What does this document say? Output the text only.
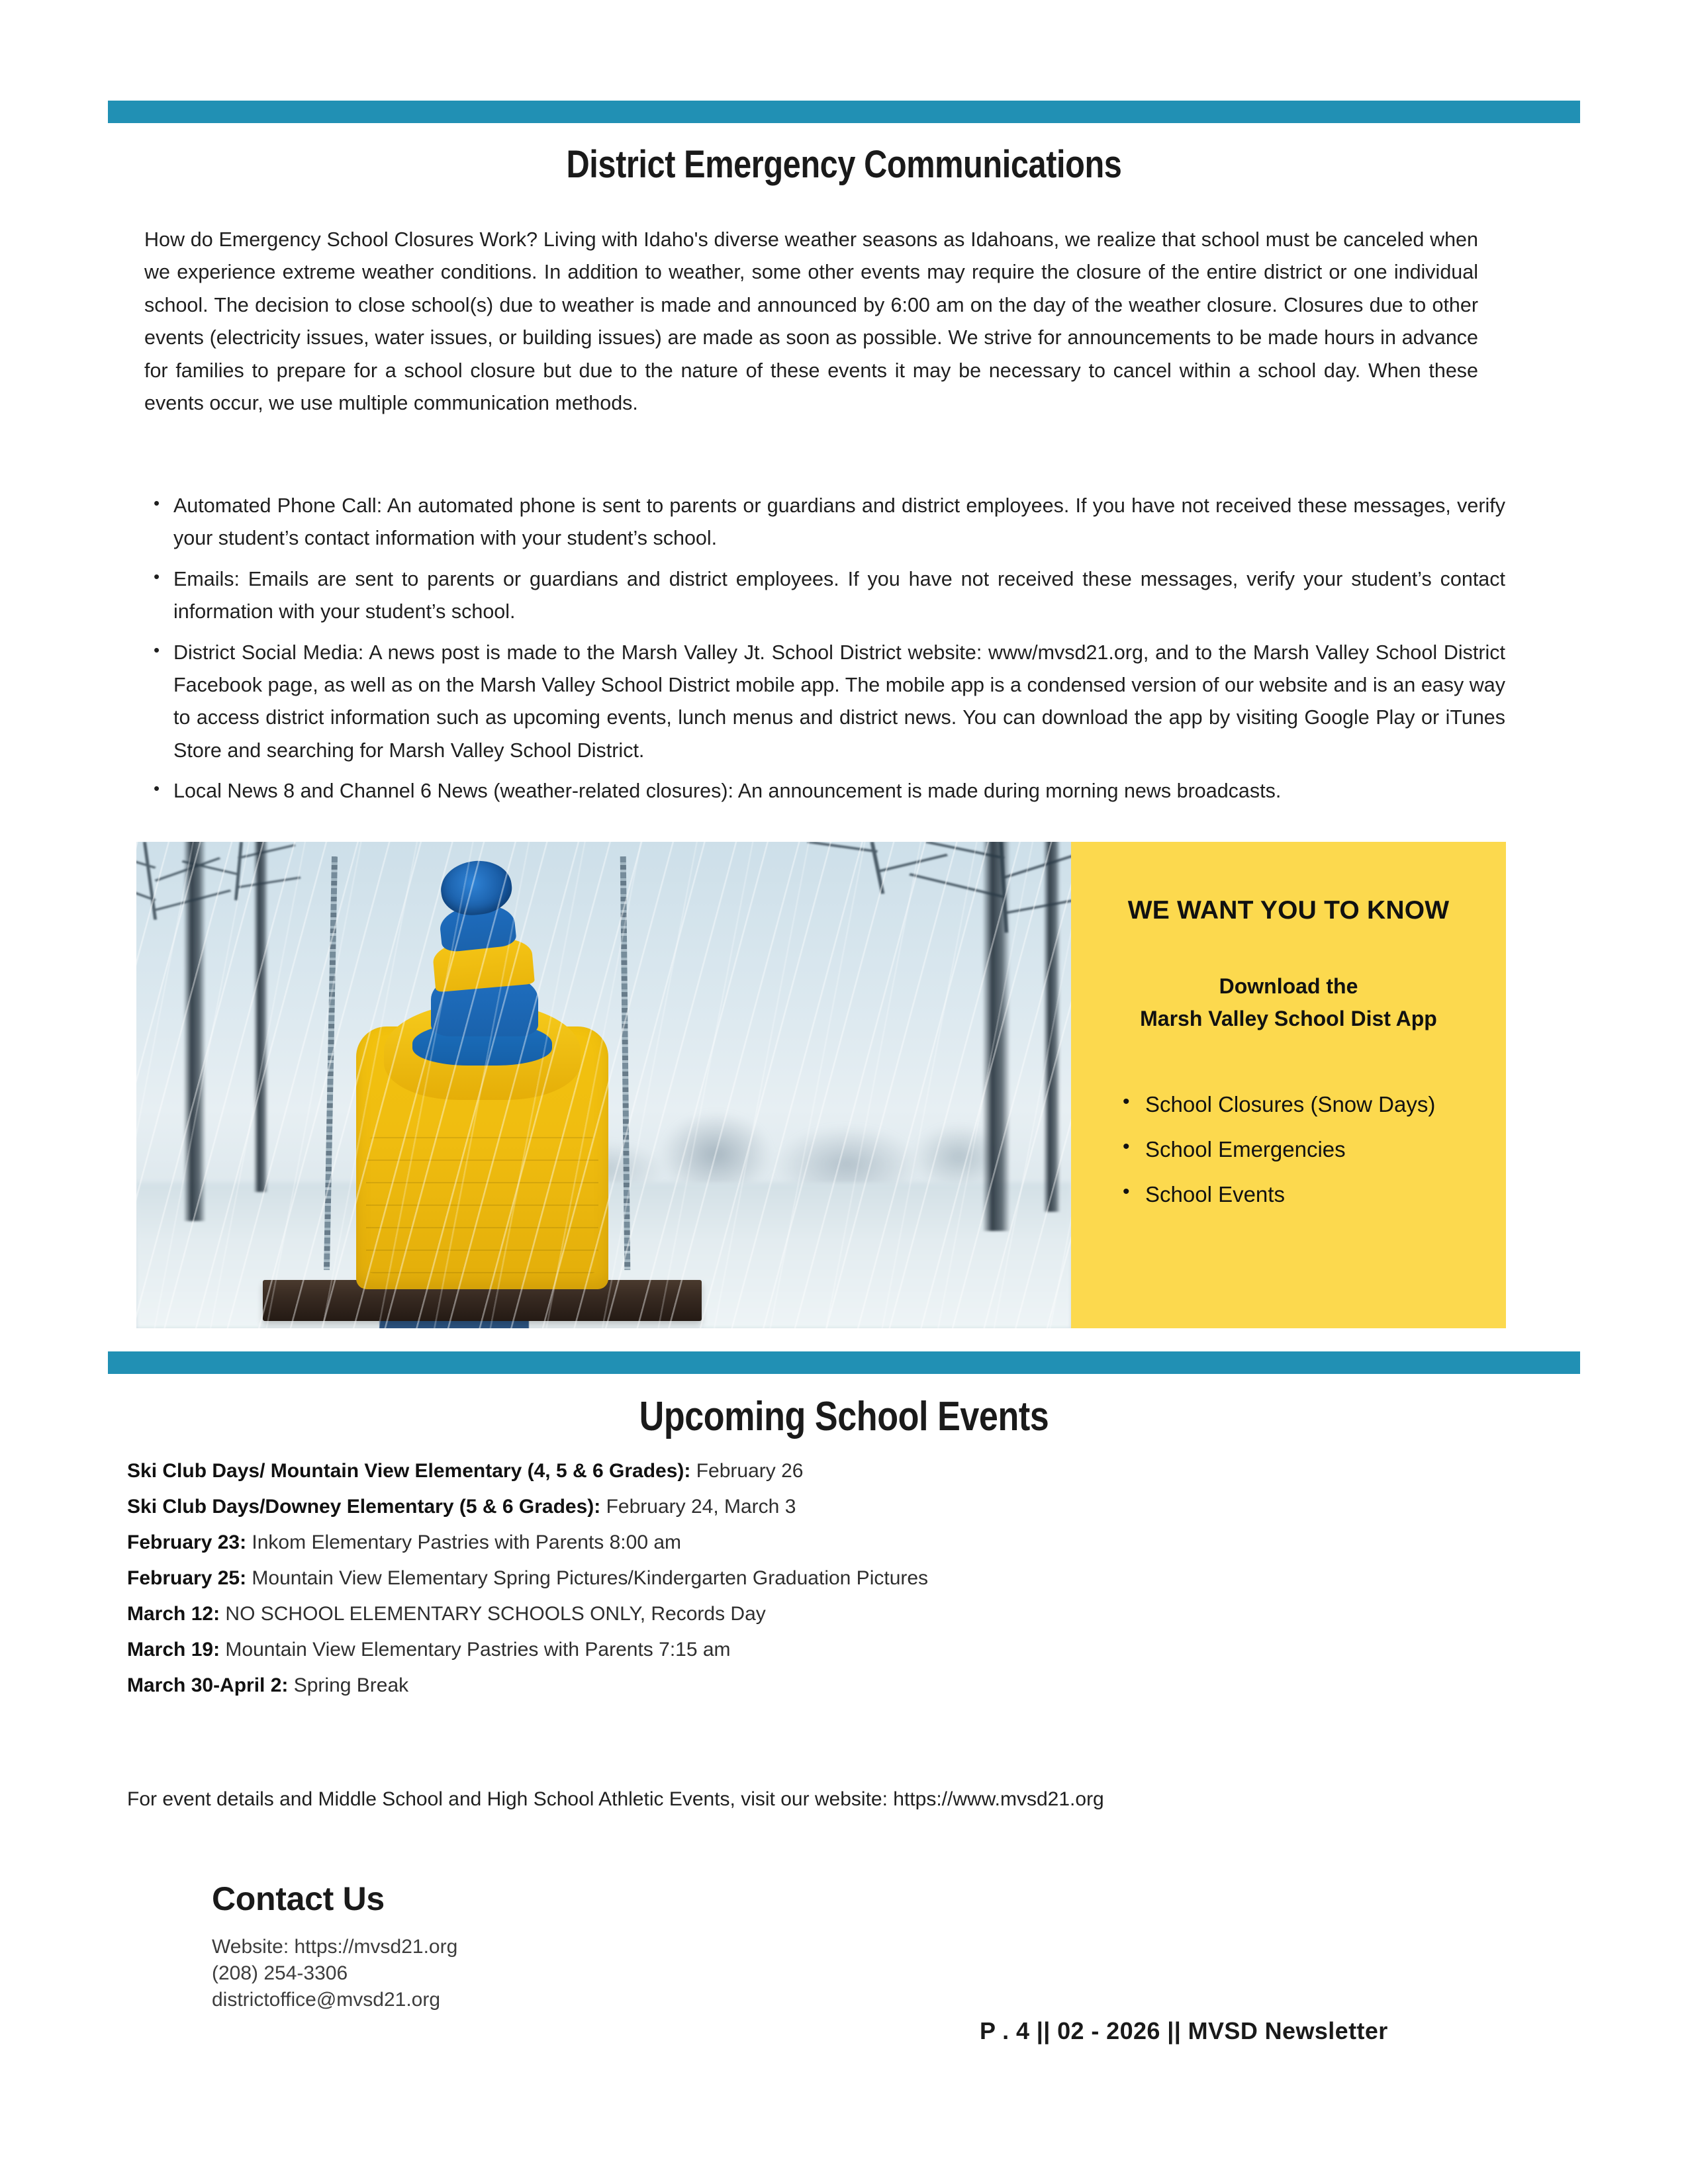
District Emergency Communications
How do Emergency School Closures Work? Living with Idaho's diverse weather seasons as Idahoans, we realize that school must be canceled when we experience extreme weather conditions. In addition to weather, some other events may require the closure of the entire district or one individual school. The decision to close school(s) due to weather is made and announced by 6:00 am on the day of the weather closure. Closures due to other events (electricity issues, water issues, or building issues) are made as soon as possible. We strive for announcements to be made hours in advance for families to prepare for a school closure but due to the nature of these events it may be necessary to cancel within a school day. When these events occur, we use multiple communication methods.
• Automated Phone Call: An automated phone is sent to parents or guardians and district employees. If you have not received these messages, verify your student’s contact information with your student’s school.
• Emails: Emails are sent to parents or guardians and district employees. If you have not received these messages, verify your student’s contact information with your student’s school.
• District Social Media: A news post is made to the Marsh Valley Jt. School District website: www/mvsd21.org, and to the Marsh Valley School District Facebook page, as well as on the Marsh Valley School District mobile app. The mobile app is a condensed version of our website and is an easy way to access district information such as upcoming events, lunch menus and district news. You can download the app by visiting Google Play or iTunes Store and searching for Marsh Valley School District.
• Local News 8 and Channel 6 News (weather-related closures): An announcement is made during morning news broadcasts.
WE WANT YOU TO KNOW
Download the
Marsh Valley School Dist App
• School Closures (Snow Days)
• School Emergencies
• School Events
Upcoming School Events
Ski Club Days/ Mountain View Elementary (4, 5 & 6 Grades): February 26
Ski Club Days/Downey Elementary (5 & 6 Grades): February 24, March 3
February 23: Inkom Elementary Pastries with Parents 8:00 am
February 25: Mountain View Elementary Spring Pictures/Kindergarten Graduation Pictures
March 12: NO SCHOOL ELEMENTARY SCHOOLS ONLY, Records Day
March 19: Mountain View Elementary Pastries with Parents 7:15 am
March 30-April 2: Spring Break
For event details and Middle School and High School Athletic Events, visit our website: https://www.mvsd21.org
Contact Us
Website: https://mvsd21.org
(208) 254-3306
districtoffice@mvsd21.org
P . 4 || 02 - 2026 || MVSD Newsletter
